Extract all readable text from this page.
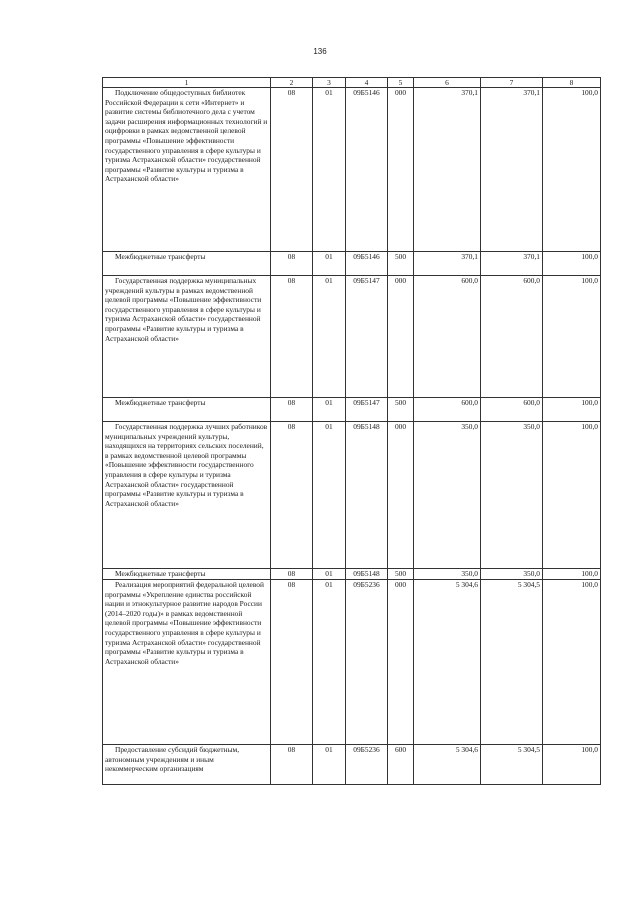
136
1	2	3	4	5	6	7	8
Подключение общедоступных библиотек Российской Федерации к сети «Интернет» и развитие системы библиотечного дела с учетом задачи расширения информационных технологий и оцифровки в рамках ведомственной целевой программы «Повышение эффективности государственного управления в сфере культуры и туризма Астраханской области» государственной программы «Развитие культуры и туризма в Астраханской области»	08	01	09Б5146	000	370,1	370,1	100,0
Межбюджетные трансферты	08	01	09Б5146	500	370,1	370,1	100,0
Государственная поддержка муниципальных учреждений культуры в рамках ведомственной целевой программы «Повышение эффективности государственного управления в сфере культуры и туризма Астраханской области» государственной программы «Развитие культуры и туризма в Астраханской области»	08	01	09Б5147	000	600,0	600,0	100,0
Межбюджетные трансферты	08	01	09Б5147	500	600,0	600,0	100,0
Государственная поддержка лучших работников муниципальных учреждений культуры, находящихся на территориях сельских поселений, в рамках ведомственной целевой программы «Повышение эффективности государственного управления в сфере культуры и туризма Астраханской области» государственной программы «Развитие культуры и туризма в Астраханской области»	08	01	09Б5148	000	350,0	350,0	100,0
Межбюджетные трансферты	08	01	09Б5148	500	350,0	350,0	100,0
Реализация мероприятий федеральной целевой программы «Укрепление единства российской нации и этнокультурное развитие народов России (2014–2020 годы)» в рамках ведомственной целевой программы «Повышение эффективности государственного управления в сфере культуры и туризма Астраханской области» государственной программы «Развитие культуры и туризма в Астраханской области»	08	01	09Б5236	000	5 304,6	5 304,5	100,0
Предоставление субсидий бюджетным, автономным учреждениям и иным некоммерческим организациям	08	01	09Б5236	600	5 304,6	5 304,5	100,0
